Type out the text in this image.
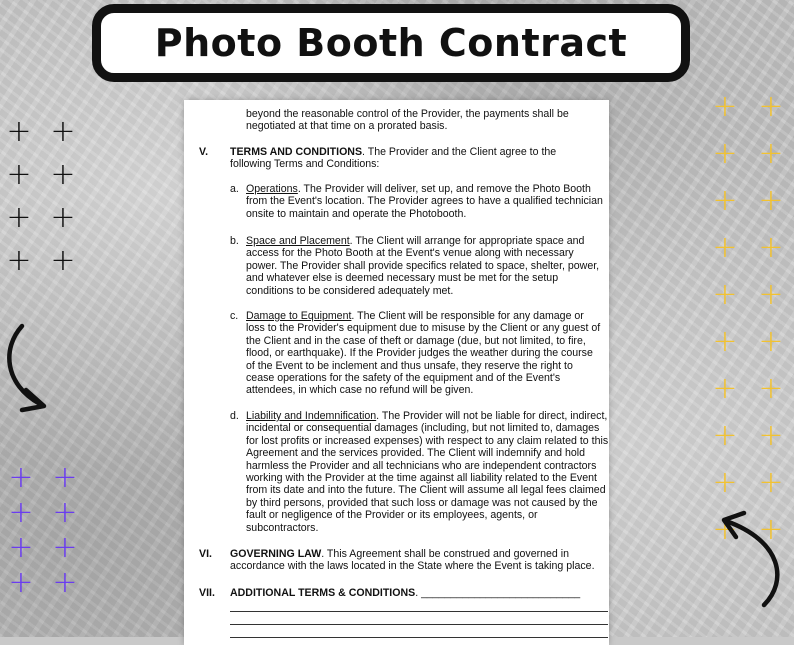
Photo Booth Contract
+ +
+ +
+ +
+ +
+ +
+ +
+ +
+ +
+ +
+ +
+ +
+ +
+ +
+ +
+ +
+ +
+ +
+ +
beyond the reasonable control of the Provider, the payments shall be negotiated at that time on a prorated basis.
V. TERMS AND CONDITIONS. The Provider and the Client agree to the following Terms and Conditions:
a. Operations. The Provider will deliver, set up, and remove the Photo Booth from the Event's location. The Provider agrees to have a qualified technician onsite to maintain and operate the Photobooth.
b. Space and Placement. The Client will arrange for appropriate space and access for the Photo Booth at the Event's venue along with necessary power. The Provider shall provide specifics related to space, shelter, power, and whatever else is deemed necessary must be met for the setup conditions to be considered adequately met.
c. Damage to Equipment. The Client will be responsible for any damage or loss to the Provider's equipment due to misuse by the Client or any guest of the Client and in the case of theft or damage (due, but not limited, to fire, flood, or earthquake). If the Provider judges the weather during the course of the Event to be inclement and thus unsafe, they reserve the right to cease operations for the safety of the equipment and of the Event's attendees, in which case no refund will be given.
d. Liability and Indemnification. The Provider will not be liable for direct, indirect, incidental or consequential damages (including, but not limited to, damages for lost profits or increased expenses) with respect to any claim related to this Agreement and the services provided. The Client will indemnify and hold harmless the Provider and all technicians who are independent contractors working with the Provider at the time against all liability related to the Event from its date and into the future. The Client will assume all legal fees claimed by third persons, provided that such loss or damage was not caused by the fault or negligence of the Provider or its employees, agents, or subcontractors.
VI. GOVERNING LAW. This Agreement shall be construed and governed in accordance with the laws located in the State where the Event is taking place.
VII. ADDITIONAL TERMS & CONDITIONS. ___________________________
